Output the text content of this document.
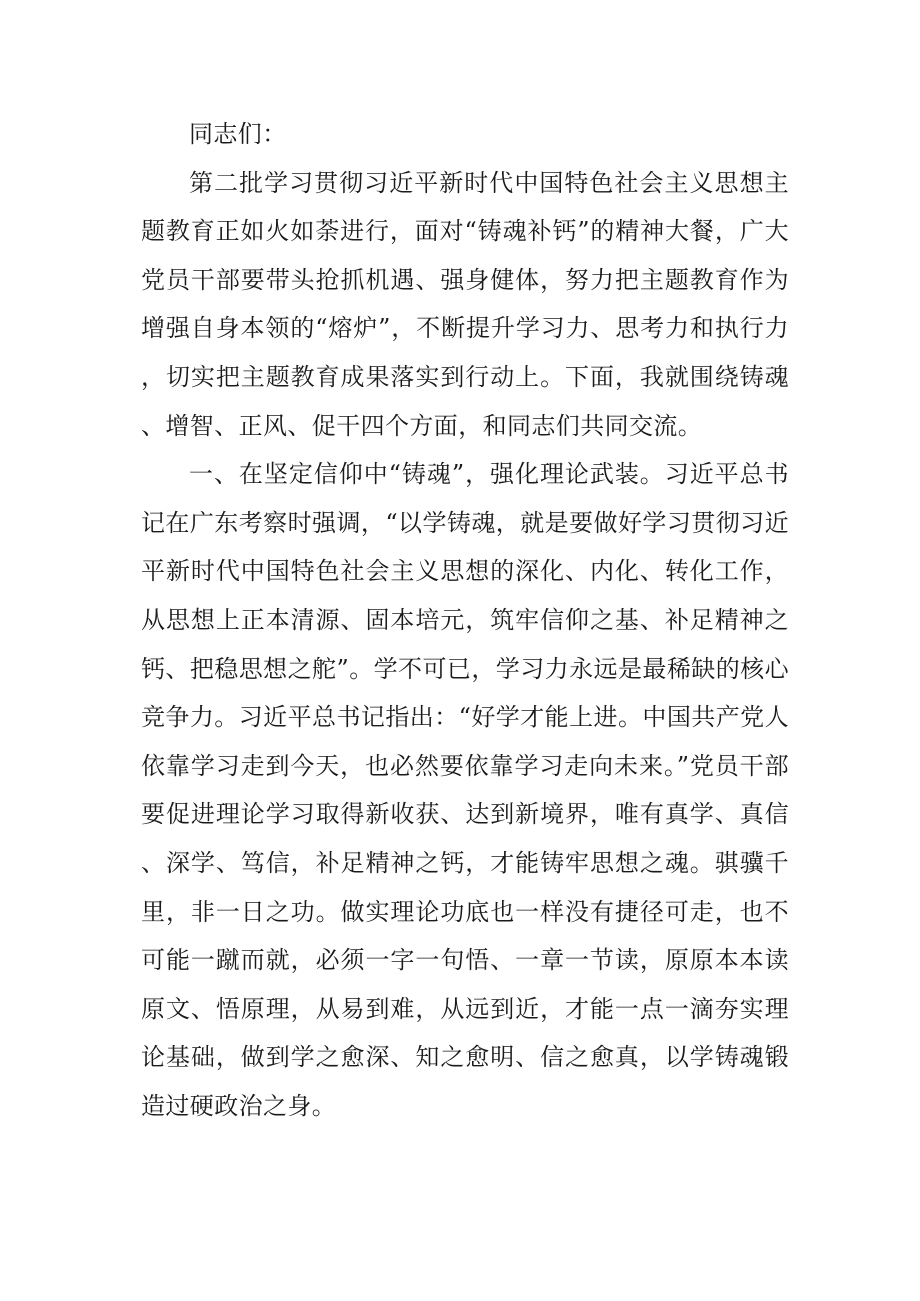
同志们：

第二批学习贯彻习近平新时代中国特色社会主义思想主题教育正如火如荼进行，面对“铸魂补钙”的精神大餐，广大党员干部要带头抢抓机遇、强身健体，努力把主题教育作为增强自身本领的“熔炉”，不断提升学习力、思考力和执行力，切实把主题教育成果落实到行动上。下面，我就围绕铸魂、增智、正风、促干四个方面，和同志们共同交流。

一、在坚定信仰中“铸魂”，强化理论武装。习近平总书记在广东考察时强调，“以学铸魂，就是要做好学习贯彻习近平新时代中国特色社会主义思想的深化、内化、转化工作，从思想上正本清源、固本培元，筑牢信仰之基、补足精神之钙、把稳思想之舵”。学不可已，学习力永远是最稀缺的核心竞争力。习近平总书记指出：“好学才能上进。中国共产党人依靠学习走到今天，也必然要依靠学习走向未来。”党员干部要促进理论学习取得新收获、达到新境界，唯有真学、真信、深学、笃信，补足精神之钙，才能铸牢思想之魂。骐骥千里，非一日之功。做实理论功底也一样没有捷径可走，也不可能一蹴而就，必须一字一句悟、一章一节读，原原本本读原文、悟原理，从易到难，从远到近，才能一点一滴夯实理论基础，做到学之愈深、知之愈明、信之愈真，以学铸魂锻造过硬政治之身。
